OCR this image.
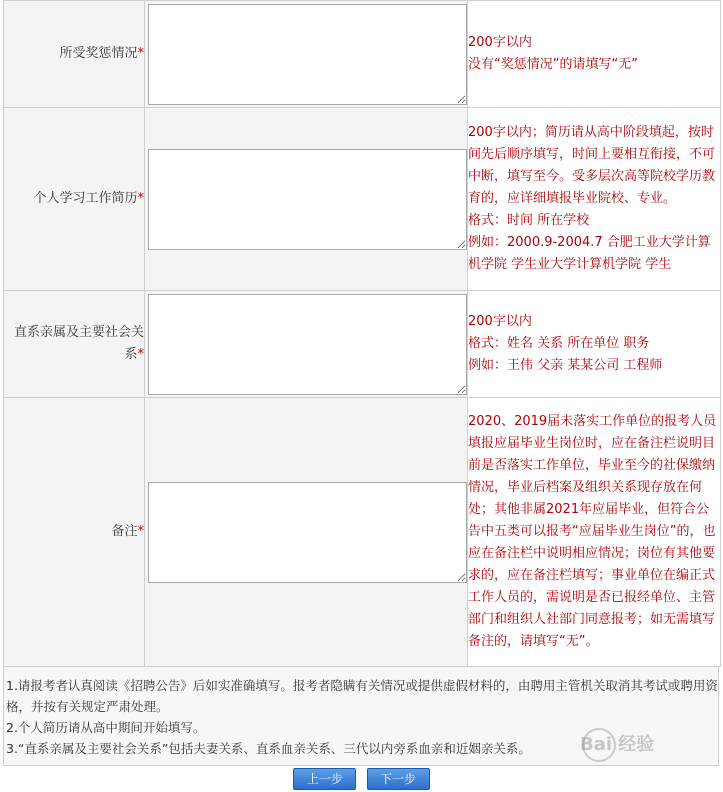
所受奖惩情况*		200字以内
没有“奖惩情况”的请填写“无”

个人学习工作简历*		200字以内；简历请从高中阶段填起，按时间先后顺序填写，时间上要相互衔接，不可中断，填写至今。受多层次高等院校学历教育的，应详细填报毕业院校、专业。
格式：时间 所在学校
例如：2000.9-2004.7 合肥工业大学计算机学院 学生业大学计算机学院 学生

直系亲属及主要社会关系*		200字以内
格式：姓名 关系 所在单位 职务
例如：王伟 父亲 某某公司 工程师

备注*		2020、2019届未落实工作单位的报考人员填报应届毕业生岗位时，应在备注栏说明目前是否落实工作单位，毕业至今的社保缴纳情况，毕业后档案及组织关系现存放在何处；其他非属2021年应届毕业，但符合公告中五类可以报考“应届毕业生岗位”的，也应在备注栏中说明相应情况；岗位有其他要求的，应在备注栏填写；事业单位在编正式工作人员的，需说明是否已报经单位、主管部门和组织人社部门同意报考；如无需填写备注的，请填写“无”。
1.请报考者认真阅读《招聘公告》后如实准确填写。报考者隐瞒有关情况或提供虚假材料的，由聘用主管机关取消其考试或聘用资格，并按有关规定严肃处理。
2.个人简历请从高中期间开始填写。
3.“直系亲属及主要社会关系”包括夫妻关系、直系血亲关系、三代以内旁系血亲和近姻亲关系。	Bai 经验
上一步	下一步
